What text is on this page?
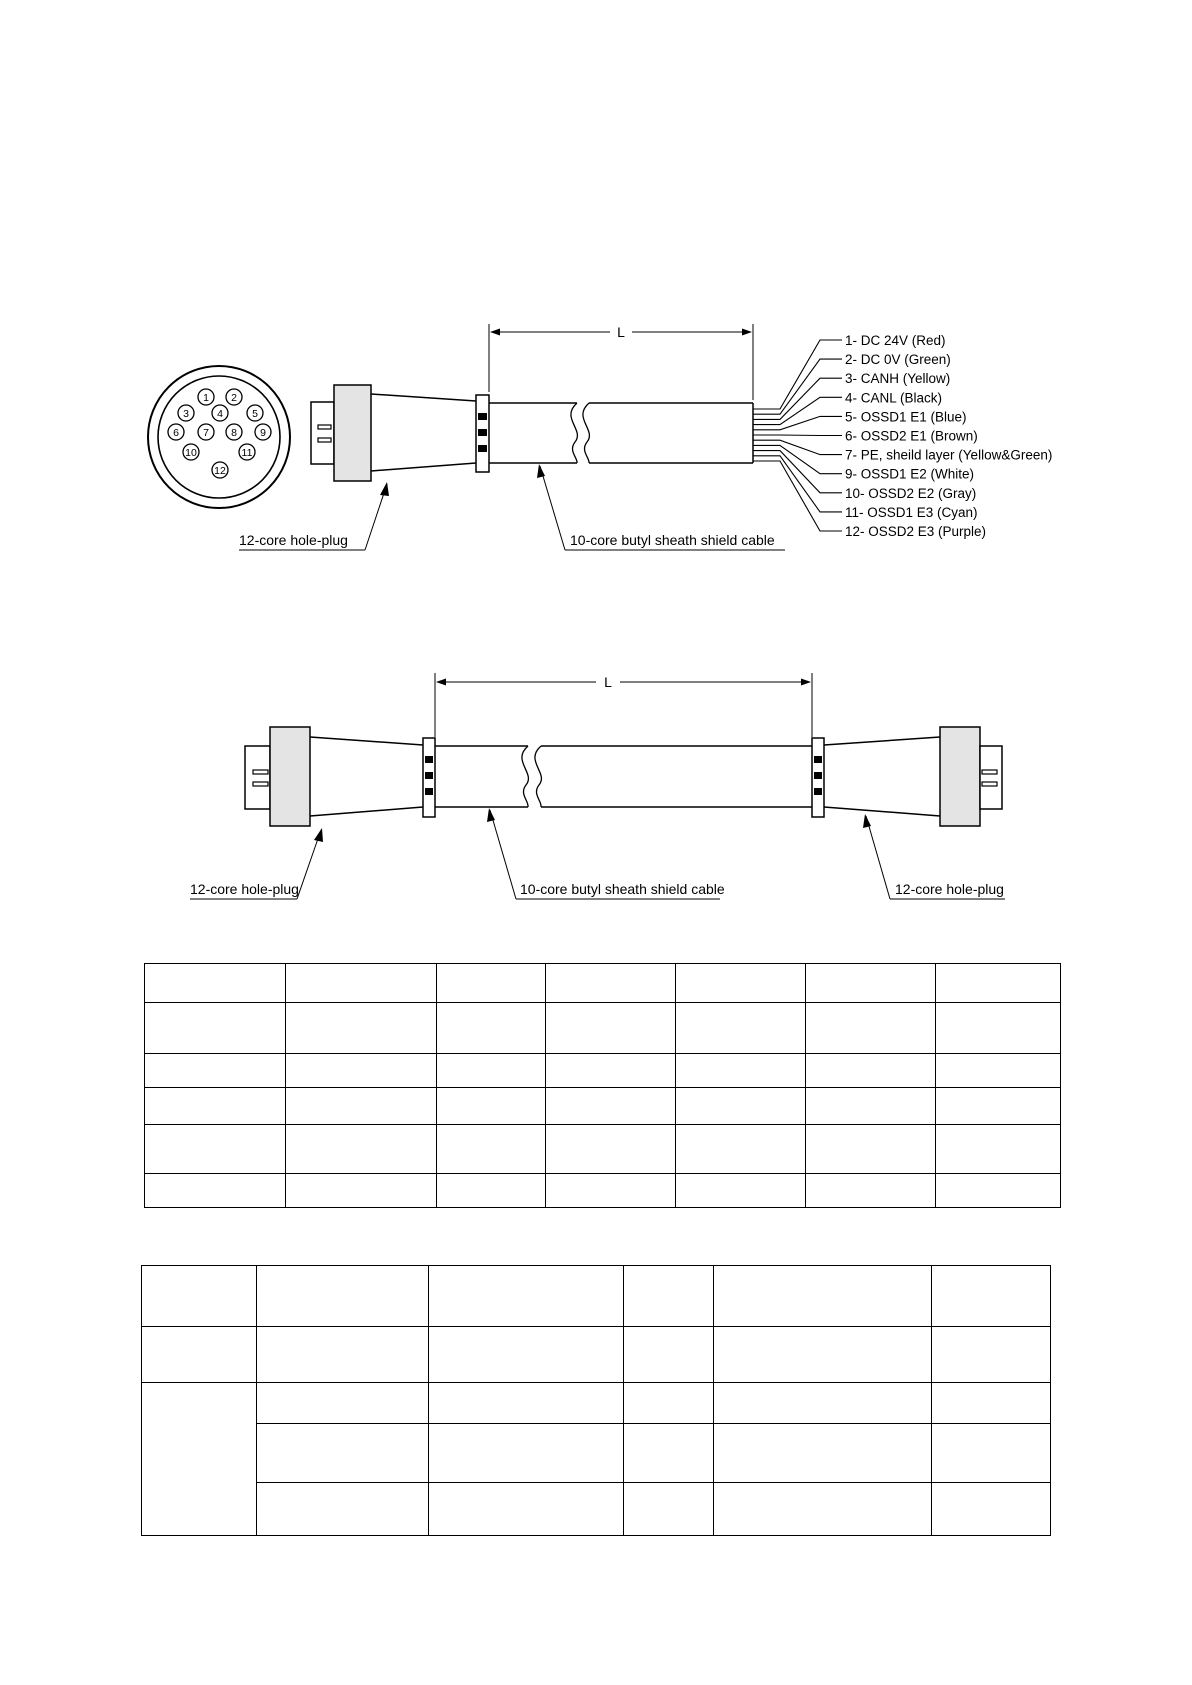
1 2
3	4	5
6 7 8 9
10	11
12
L
1- DC 24V (Red)
2- DC 0V (Green)
3- CANH (Yellow)
4- CANL (Black)
5- OSSD1 E1 (Blue)
6- OSSD2 E1 (Brown)
7- PE, sheild layer (Yellow&Green)
9- OSSD1 E2 (White)
10- OSSD2 E2 (Gray)
11- OSSD1 E3 (Cyan)
12- OSSD2 E3 (Purple)
12-core hole-plug	10-core butyl sheath shield cable
L
12-core hole-plug	10-core butyl sheath shield cable	12-core hole-plug
